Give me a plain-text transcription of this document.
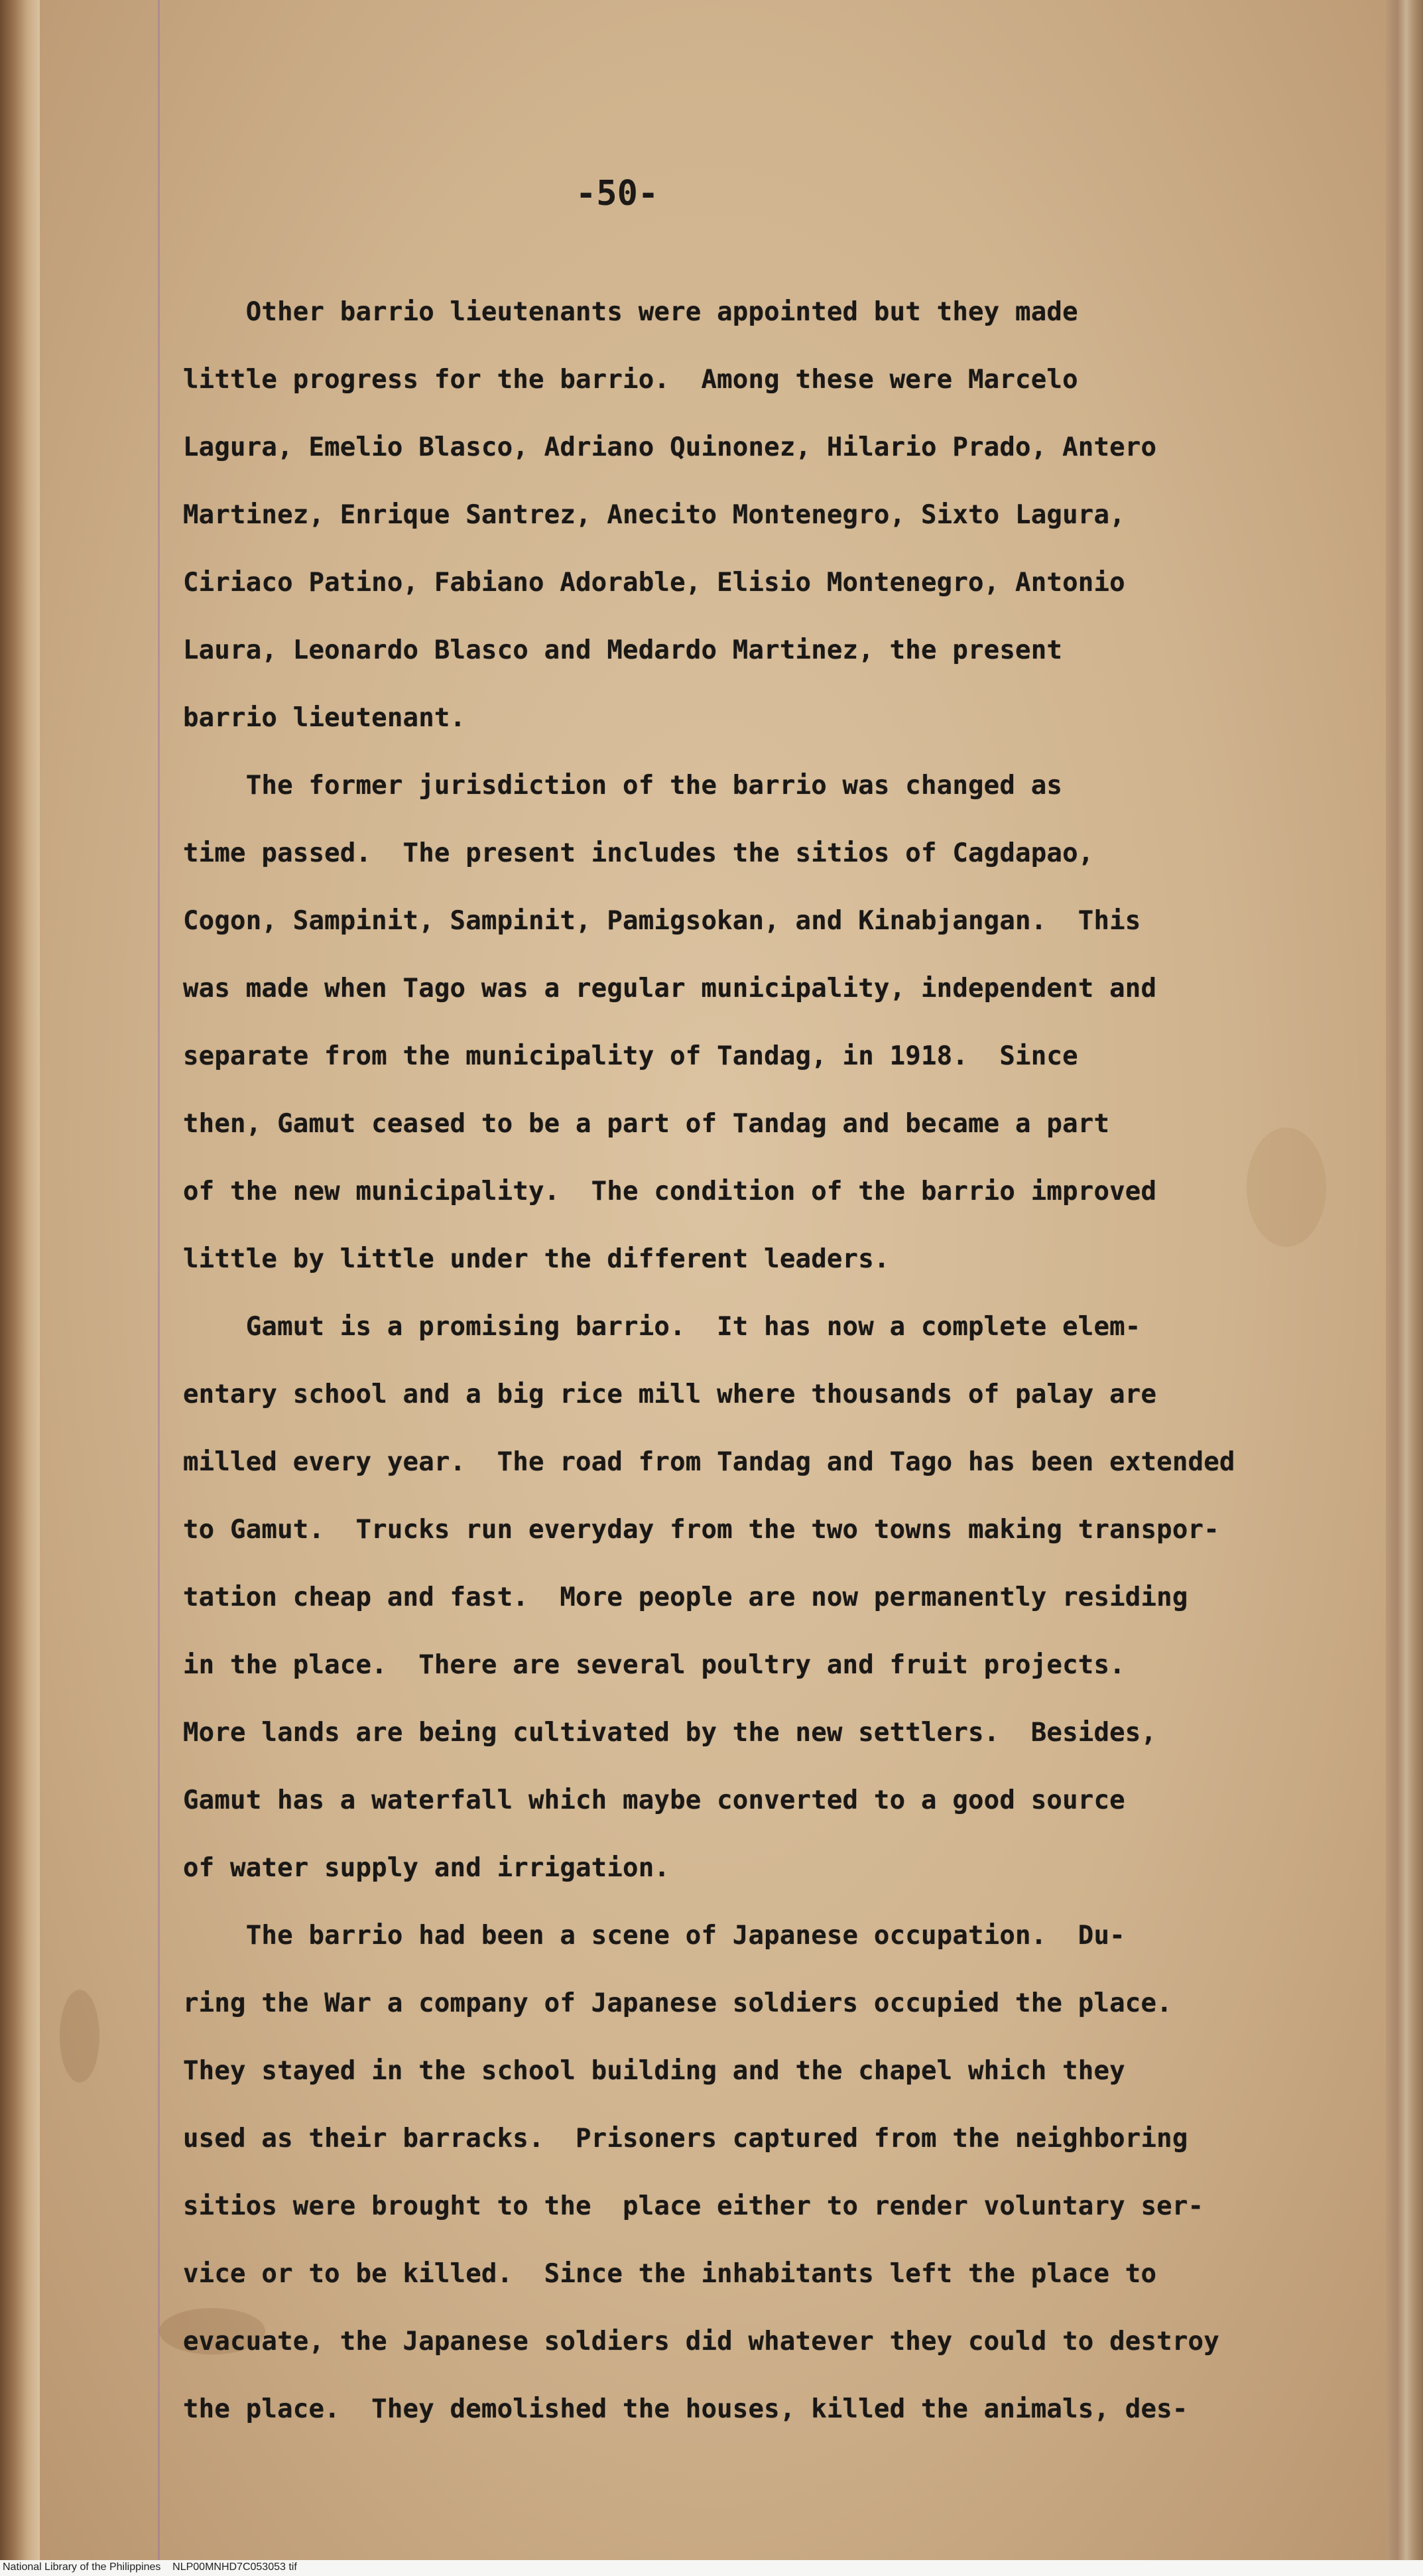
-50-
Other barrio lieutenants were appointed but they made
little progress for the barrio.  Among these were Marcelo
Lagura, Emelio Blasco, Adriano Quinonez, Hilario Prado, Antero
Martinez, Enrique Santrez, Anecito Montenegro, Sixto Lagura,
Ciriaco Patino, Fabiano Adorable, Elisio Montenegro, Antonio
Laura, Leonardo Blasco and Medardo Martinez, the present
barrio lieutenant.
The former jurisdiction of the barrio was changed as
time passed.  The present includes the sitios of Cagdapao,
Cogon, Sampinit, Sampinit, Pamigsokan, and Kinabjangan.  This
was made when Tago was a regular municipality, independent and
separate from the municipality of Tandag, in 1918.  Since
then, Gamut ceased to be a part of Tandag and became a part
of the new municipality.  The condition of the barrio improved
little by little under the different leaders.
Gamut is a promising barrio.  It has now a complete elem-
entary school and a big rice mill where thousands of palay are
milled every year.  The road from Tandag and Tago has been extended
to Gamut.  Trucks run everyday from the two towns making transpor-
tation cheap and fast.  More people are now permanently residing
in the place.  There are several poultry and fruit projects.
More lands are being cultivated by the new settlers.  Besides,
Gamut has a waterfall which maybe converted to a good source
of water supply and irrigation.
The barrio had been a scene of Japanese occupation.  Du-
ring the War a company of Japanese soldiers occupied the place.
They stayed in the school building and the chapel which they
used as their barracks.  Prisoners captured from the neighboring
sitios were brought to the  place either to render voluntary ser-
vice or to be killed.  Since the inhabitants left the place to
evacuate, the Japanese soldiers did whatever they could to destroy
the place.  They demolished the houses, killed the animals, des-
National Library of the Philippines    NLP00MNHD7C053053 tif
